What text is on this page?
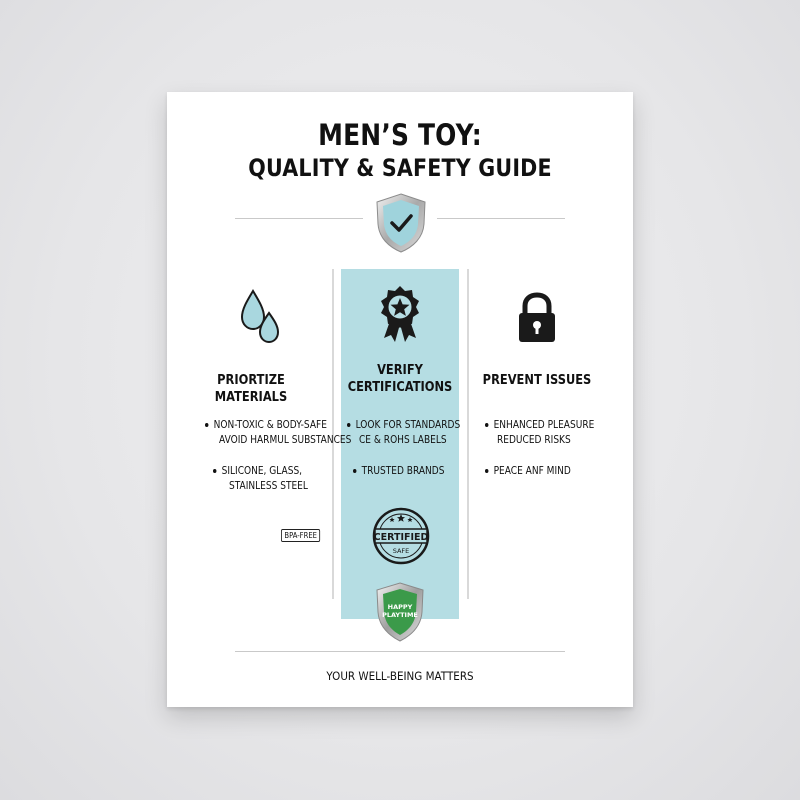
MEN’S TOY:
QUALITY & SAFETY GUIDE
PRIORTIZE MATERIALS
NON-TOXIC & BODY-SAFE
AVOID HARMUL SUBSTANCES
SILICONE, GLASS,
STAINLESS STEEL
BPA-FREE
VERIFY
CERTIFICATIONS
LOOK FOR STANDARDS
CE & ROHS LABELS
TRUSTED BRANDS
CERTIFIED
SAFE
HAPPY
PLAYTIME
PREVENT ISSUES
ENHANCED PLEASURE
REDUCED RISKS
PEACE ANF MIND
YOUR WELL-BEING MATTERS
